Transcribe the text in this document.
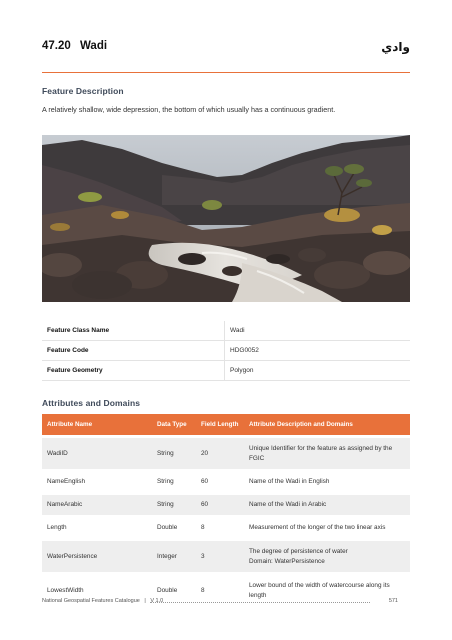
47.20 Wadi	وادي
Feature Description
A relatively shallow, wide depression, the bottom of which usually has a continuous gradient.
Feature Class Name	Wadi
Feature Code	HDG0052
Feature Geometry	Polygon
Attributes and Domains
Attribute Name	Data Type	Field Length	Attribute Description and Domains

WadiID	String	20	Unique Identifier for the feature as assigned by the
FGIC

NameEnglish	String	60	Name of the Wadi in English

NameArabic	String	60	Name of the Wadi in Arabic

Length	Double	8	Measurement of the longer of the two linear axis

WaterPersistence	Integer	3	The degree of persistence of water
Domain: WaterPersistence

LowestWidth	Double	8	Lower bound of the width of watercourse along its
length
National Geospatial Features Catalogue | V 1.0	571
